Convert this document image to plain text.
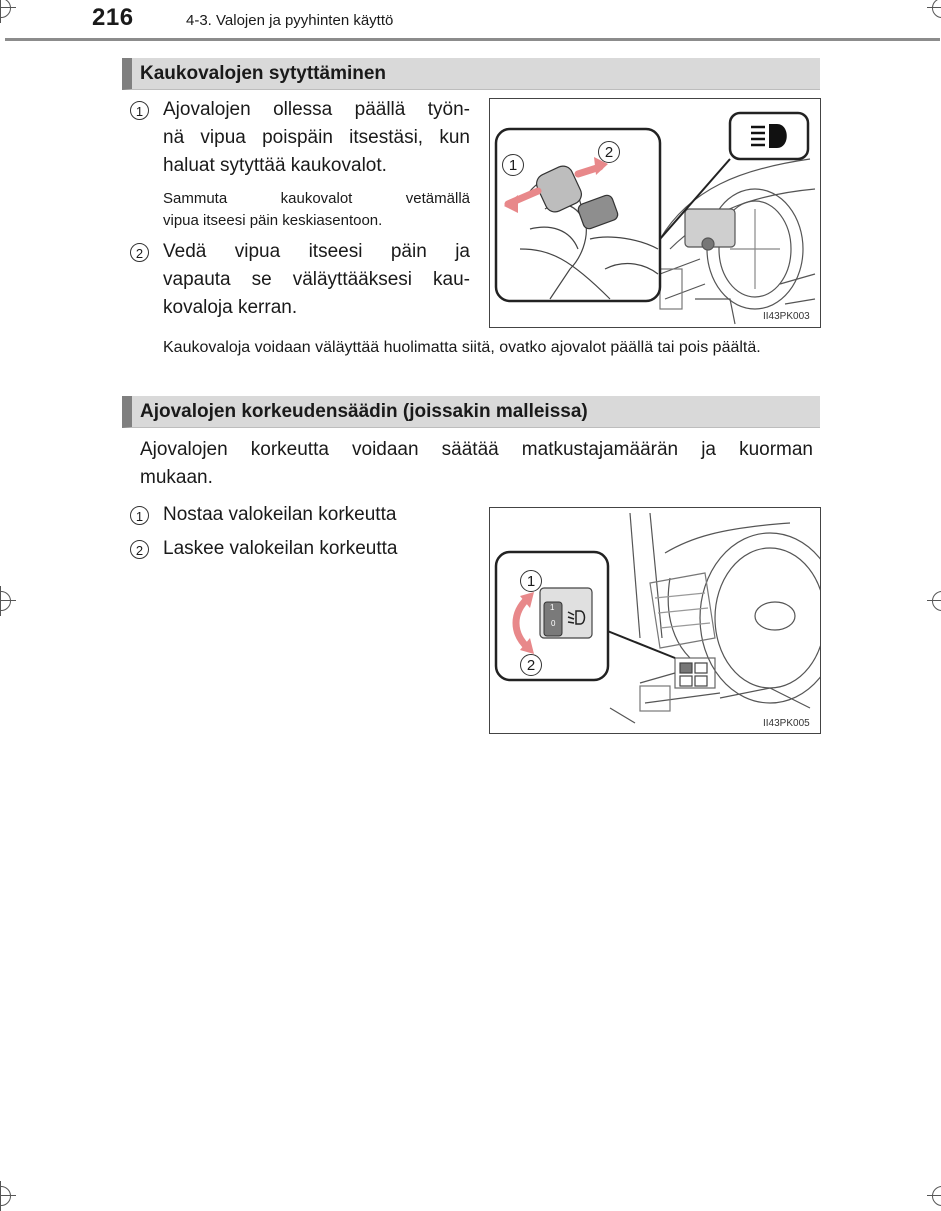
216	4-3. Valojen ja pyyhinten käyttö
Kaukovalojen sytyttäminen
1	Ajovalojen ollessa päällä työn-
nä vipua poispäin itsestäsi, kun
haluat sytyttää kaukovalot.
Sammuta kaukovalot vetämällä
vipua itseesi päin keskiasentoon.
2	Vedä vipua itseesi päin ja
vapauta se väläyttääksesi kau-
kovaloja kerran.
1
2
II43PK003
Kaukovaloja voidaan väläyttää huolimatta siitä, ovatko ajovalot päällä tai pois päältä.
Ajovalojen korkeudensäädin (joissakin malleissa)
Ajovalojen korkeutta voidaan säätää matkustajamäärän ja kuorman
mukaan.
1	Nostaa valokeilan korkeutta
2	Laskee valokeilan korkeutta
1
0
1
2
II43PK005
